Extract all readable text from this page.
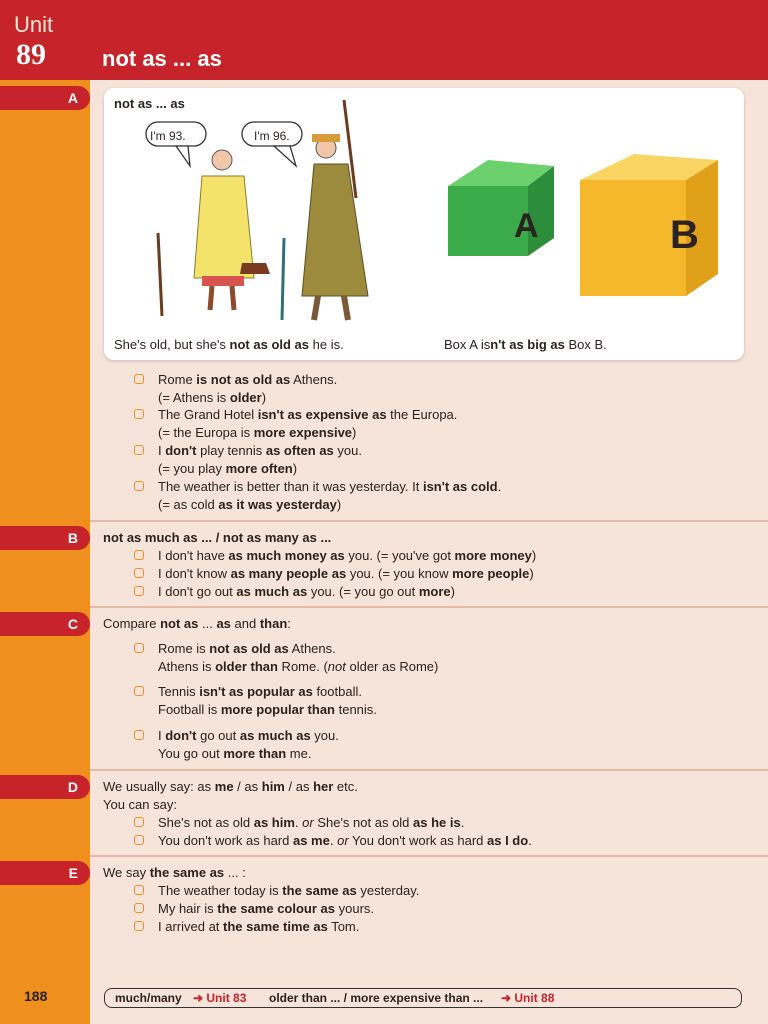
Unit
89	not as ... as
A
B
C
D
E
not as ... as
I'm 93.	I'm 96.
A	B
She's old, but she's not as old as he is.	Box A isn't as big as Box B.
Rome is not as old as Athens.
(= Athens is older)
The Grand Hotel isn't as expensive as the Europa.
(= the Europa is more expensive)
I don't play tennis as often as you.
(= you play more often)
The weather is better than it was yesterday. It isn't as cold.
(= as cold as it was yesterday)
not as much as ... / not as many as ...
I don't have as much money as you. (= you've got more money)
I don't know as many people as you. (= you know more people)
I don't go out as much as you. (= you go out more)
Compare not as ... as and than:
Rome is not as old as Athens.
Athens is older than Rome. (not older as Rome)
Tennis isn't as popular as football.
Football is more popular than tennis.
I don't go out as much as you.
You go out more than me.
We usually say: as me / as him / as her etc.
You can say:
She's not as old as him. or She's not as old as he is.
You don't work as hard as me. or You don't work as hard as I do.
We say the same as ... :
The weather today is the same as yesterday.
My hair is the same colour as yours.
I arrived at the same time as Tom.
188	much/many ➜ Unit 83 older than ... / more expensive than ... ➜ Unit 88
